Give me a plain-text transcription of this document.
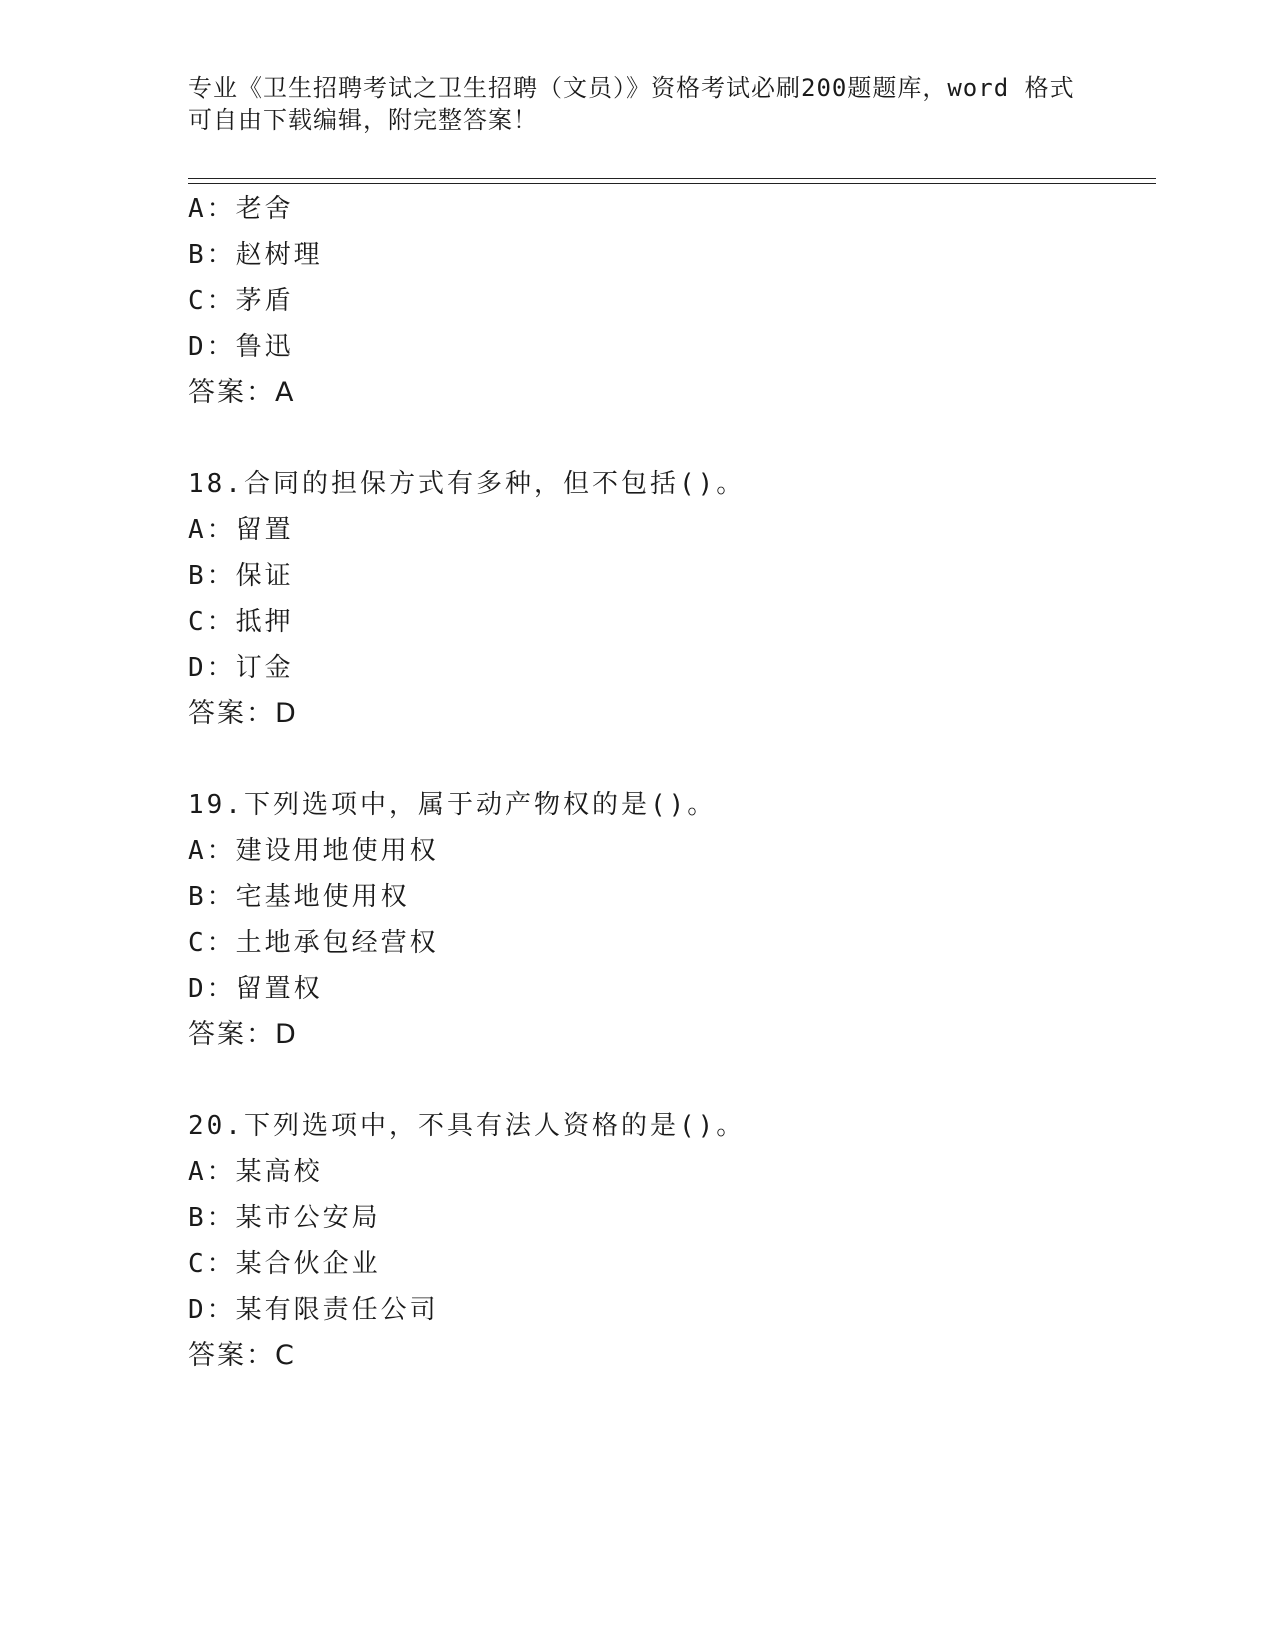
专业《卫生招聘考试之卫生招聘（文员）》资格考试必刷200题题库，word 格式
可自由下载编辑，附完整答案！
A：老舍
B：赵树理
C：茅盾
D：鲁迅
答案：A
18.合同的担保方式有多种，但不包括()。
A：留置
B：保证
C：抵押
D：订金
答案：D
19.下列选项中，属于动产物权的是()。
A：建设用地使用权
B：宅基地使用权
C：土地承包经营权
D：留置权
答案：D
20.下列选项中，不具有法人资格的是()。
A：某高校
B：某市公安局
C：某合伙企业
D：某有限责任公司
答案：C
